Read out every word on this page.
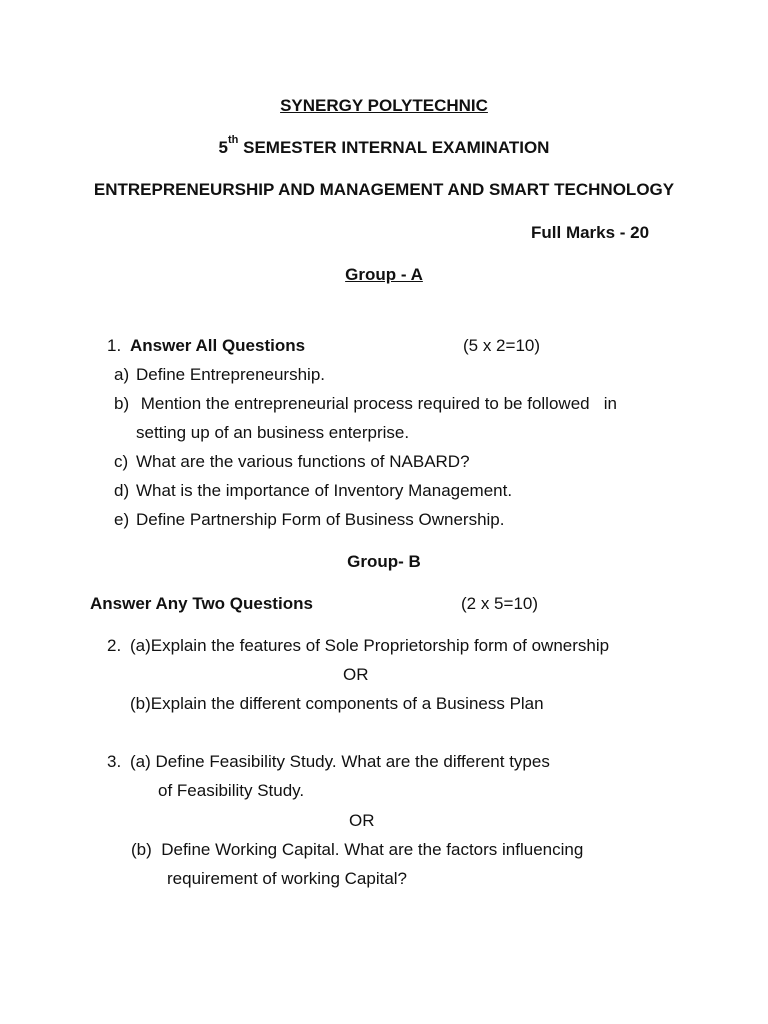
SYNERGY POLYTECHNIC
5th SEMESTER INTERNAL EXAMINATION
ENTREPRENEURSHIP AND MANAGEMENT AND SMART TECHNOLOGY
Full Marks - 20
Group - A
1. Answer All Questions	(5 x 2=10)
a) Define Entrepreneurship.
b) Mention the entrepreneurial process required to be followed   in
setting up of an business enterprise.
c) What are the various functions of NABARD?
d) What is the importance of Inventory Management.
e) Define Partnership Form of Business Ownership.
Group- B
Answer Any Two Questions	(2 x 5=10)
2. (a)Explain the features of Sole Proprietorship form of ownership
OR
(b)Explain the different components of a Business Plan
3. (a) Define Feasibility Study. What are the different types
of Feasibility Study.
OR
(b)  Define Working Capital. What are the factors influencing
requirement of working Capital?
